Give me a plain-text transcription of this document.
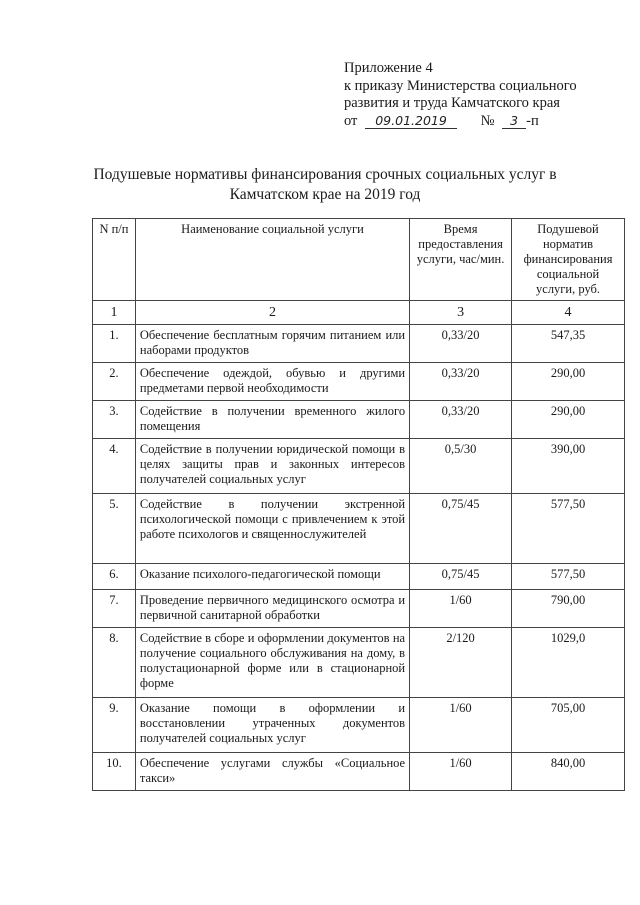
Приложение 4
к приказу Министерства социального
развития и труда Камчатского края
от 09.01.2019 № 3 -п
Подушевые нормативы финансирования срочных социальных услуг в Камчатском крае на 2019 год
N п/п	Наименование социальной услуги	Время предоставления услуги, час/мин.	Подушевой норматив финансирования социальной услуги, руб.
1	2	3	4
1.	Обеспечение бесплатным горячим питанием или наборами продуктов	0,33/20	547,35
2.	Обеспечение одеждой, обувью и другими предметами первой необходимости	0,33/20	290,00
3.	Содействие в получении временного жилого помещения	0,33/20	290,00
4.	Содействие в получении юридической помощи в целях защиты прав и законных интересов получателей социальных услуг	0,5/30	390,00
5.	Содействие в получении экстренной психологической помощи с привлечением к этой работе психологов и священнослужителей	0,75/45	577,50
6.	Оказание психолого-педагогической помощи	0,75/45	577,50
7.	Проведение первичного медицинского осмотра и первичной санитарной обработки	1/60	790,00
8.	Содействие в сборе и оформлении документов на получение социального обслуживания на дому, в полустационарной форме или в стационарной форме	2/120	1029,0
9.	Оказание помощи в оформлении и восстановлении утраченных документов получателей социальных услуг	1/60	705,00
10.	Обеспечение услугами службы «Социальное такси»	1/60	840,00
